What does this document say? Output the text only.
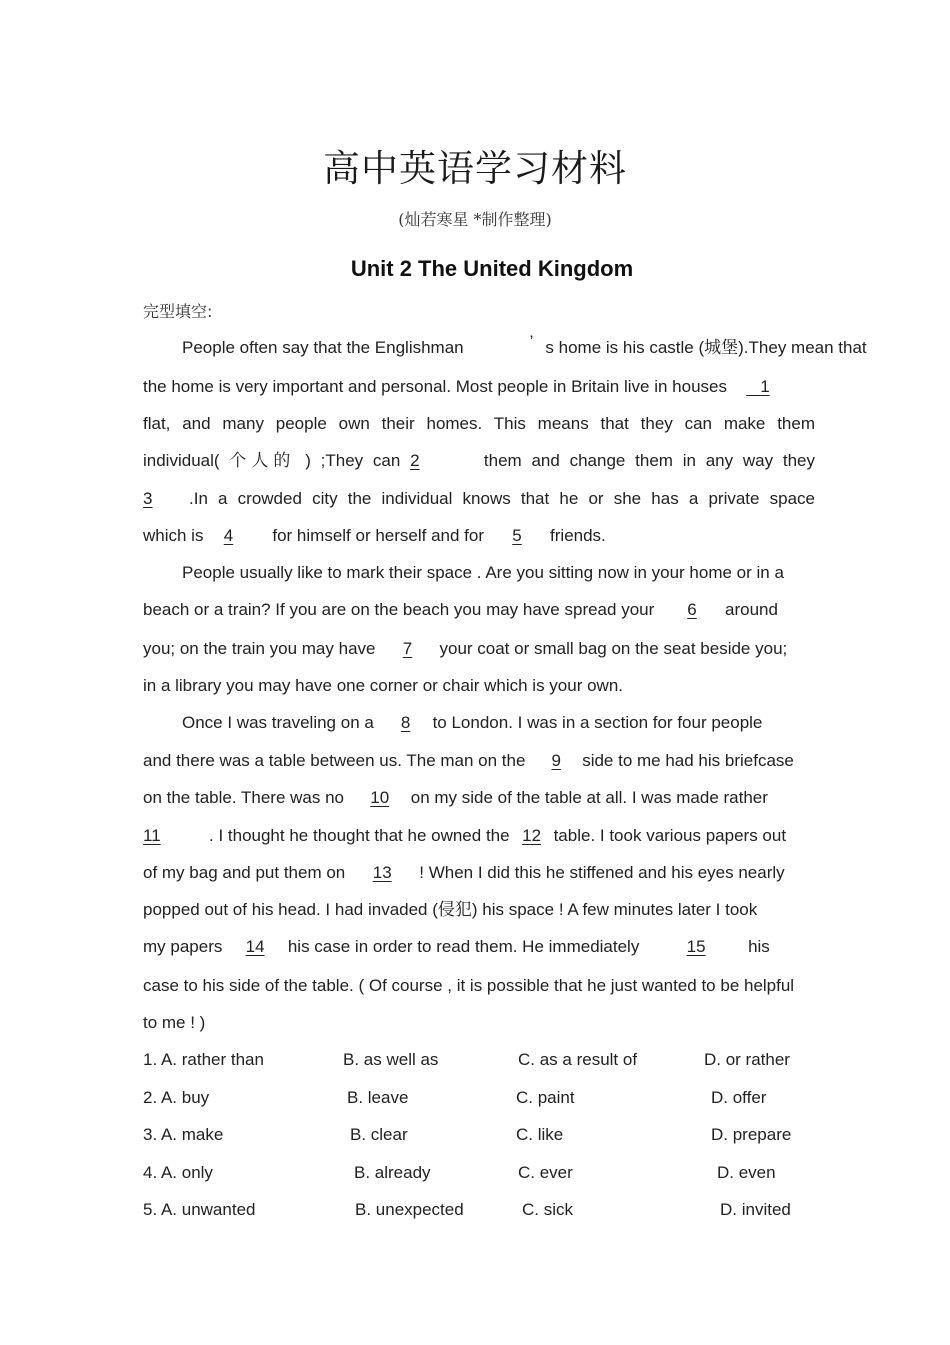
高中英语学习材料
(灿若寒星 *制作整理)
Unit 2 The United Kingdom
完型填空:
People often say that the Englishman	’ s home is his castle (城堡).They mean that
the home is very important and personal. Most people in Britain live in houses 1
flat, and many people own their homes. This means that they can make them
individual( 个人的 ) ;They can 2	them and change them in any way they
3 .In a crowded city the individual knows that he or she has a private space
which is 4 for himself or herself and for 5 friends.
People usually like to mark their space . Are you sitting now in your home or in a
beach or a train? If you are on the beach you may have spread your 6 around
you; on the train you may have 7 your coat or small bag on the seat beside you;
in a library you may have one corner or chair which is your own.
Once I was traveling on a 8 to London. I was in a section for four people
and there was a table between us. The man on the 9 side to me had his briefcase
on the table. There was no 10 on my side of the table at all. I was made rather
11	. I thought he thought that he owned the 12 table. I took various papers out
of my bag and put them on 13 ! When I did this he stiffened and his eyes nearly
popped out of his head. I had invaded (侵犯) his space ! A few minutes later I took
my papers 14 his case in order to read them. He immediately	15	his
case to his side of the table. ( Of course , it is possible that he just wanted to be helpful
to me ! )
1. A. rather than	B. as well as	C. as a result of	D. or rather
2. A. buy	B. leave	C. paint	D. offer
3. A. make	B. clear	C. like	D. prepare
4. A. only	B. already	C. ever	D. even
5. A. unwanted	B. unexpected	C. sick	D. invited
